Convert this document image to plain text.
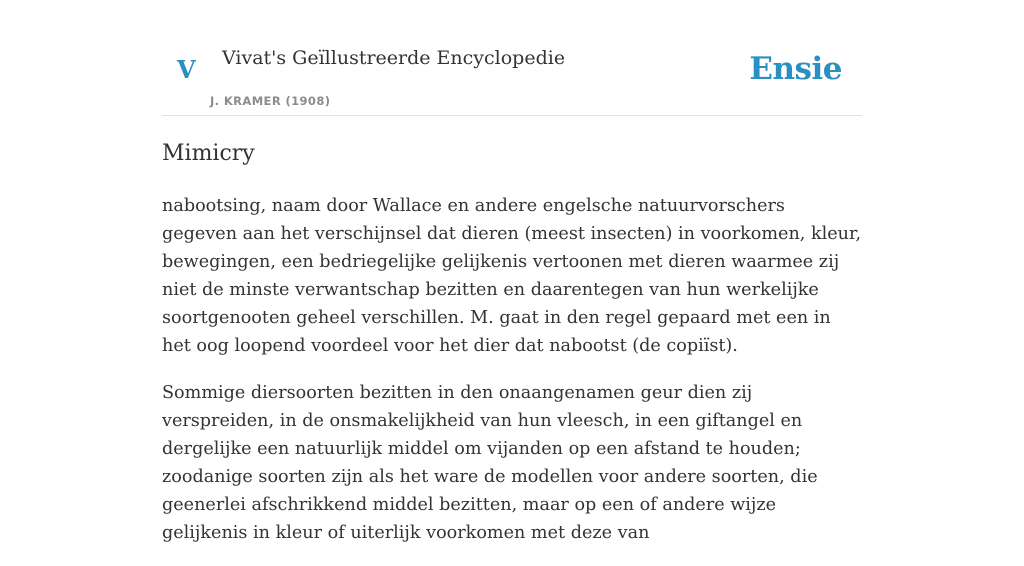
V Vivat's Geïllustreerde Encyclopedie
J. KRAMER (1908)
Ensie
Mimicry

nabootsing, naam door Wallace en andere engelsche natuurvorschers gegeven aan het verschijnsel dat dieren (meest insecten) in voorkomen, kleur, bewegingen, een bedriegelijke gelijkenis vertoonen met dieren waarmee zij niet de minste verwantschap bezitten en daarentegen van hun werkelijke soortgenooten geheel verschillen. M. gaat in den regel gepaard met een in het oog loopend voordeel voor het dier dat nabootst (de copiïst).

Sommige diersoorten bezitten in den onaangenamen geur dien zij verspreiden, in de onsmakelijkheid van hun vleesch, in een giftangel en dergelijke een natuurlijk middel om vijanden op een afstand te houden; zoodanige soorten zijn als het ware de modellen voor andere soorten, die geenerlei afschrikkend middel bezitten, maar op een of andere wijze gelijkenis in kleur of uiterlijk voorkomen met deze van
